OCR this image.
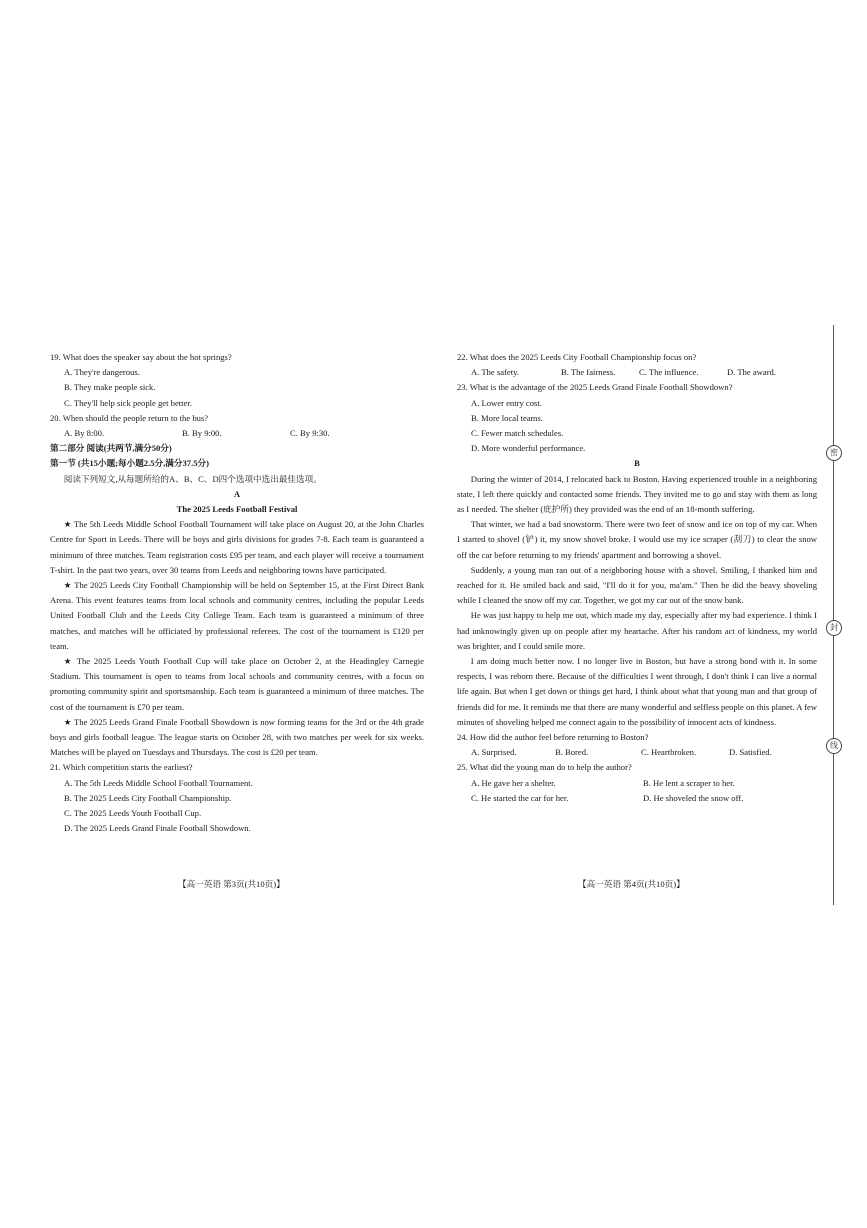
19. What does the speaker say about the hot springs?

A. They're dangerous.

B. They make people sick.

C. They'll help sick people get better.

20. When should the people return to the bus?

A. By 8:00.	B. By 9:00.	C. By 9:30.

第二部分 阅读(共两节,满分50分)

第一节 (共15小题;每小题2.5分,满分37.5分)

阅读下列短文,从每题所给的A、B、C、D四个选项中选出最佳选项。

A

The 2025 Leeds Football Festival

★ The 5th Leeds Middle School Football Tournament will take place on August 20, at the John Charles Centre for Sport in Leeds. There will be boys and girls divisions for grades 7-8. Each team is guaranteed a minimum of three matches. Team registration costs £95 per team, and each player will receive a tournament T-shirt. In the past two years, over 30 teams from Leeds and neighboring towns have participated.

★ The 2025 Leeds City Football Championship will be held on September 15, at the First Direct Bank Arena. This event features teams from local schools and community centres, including the popular Leeds United Football Club and the Leeds City College Team. Each team is guaranteed a minimum of three matches, and matches will be officiated by professional referees. The cost of the tournament is £120 per team.

★ The 2025 Leeds Youth Football Cup will take place on October 2, at the Headingley Carnegie Stadium. This tournament is open to teams from local schools and community centres, with a focus on promoting community spirit and sportsmanship. Each team is guaranteed a minimum of three matches. The cost of the tournament is £70 per team.

★ The 2025 Leeds Grand Finale Football Showdown is now forming teams for the 3rd or the 4th grade boys and girls football league. The league starts on October 28, with two matches per week for six weeks. Matches will be played on Tuesdays and Thursdays. The cost is £20 per team.

21. Which competition starts the earliest?

A. The 5th Leeds Middle School Football Tournament.

B. The 2025 Leeds City Football Championship.

C. The 2025 Leeds Youth Football Cup.

D. The 2025 Leeds Grand Finale Football Showdown.

【高一英语 第3页(共10页)】

22. What does the 2025 Leeds City Football Championship focus on?

A. The safety.	B. The fairness.	C. The influence.	D. The award.

23. What is the advantage of the 2025 Leeds Grand Finale Football Showdown?

A. Lower entry cost.

B. More local teams.

C. Fewer match schedules.

D. More wonderful performance.

B

During the winter of 2014, I relocated back to Boston. Having experienced trouble in a neighboring state, I left there quickly and contacted some friends. They invited me to go and stay with them as long as I needed. The shelter (庇护所) they provided was the end of an 18-month suffering.

That winter, we had a bad snowstorm. There were two feet of snow and ice on top of my car. When I started to shovel (铲) it, my snow shovel broke. I would use my ice scraper (刮刀) to clear the snow off the car before returning to my friends' apartment and borrowing a shovel.

Suddenly, a young man ran out of a neighboring house with a shovel. Smiling, I thanked him and reached for it. He smiled back and said, "I'll do it for you, ma'am." Then he did the heavy shoveling while I cleaned the snow off my car. Together, we got my car out of the snow bank.

He was just happy to help me out, which made my day, especially after my bad experience. I think I had unknowingly given up on people after my heartache. After his random act of kindness, my world was brighter, and I could smile more.

I am doing much better now. I no longer live in Boston, but have a strong bond with it. In some respects, I was reborn there. Because of the difficulties I went through, I don't think I can live a normal life again. But when I get down or things get hard, I think about what that young man and that group of friends did for me. It reminds me that there are many wonderful and selfless people on this planet. A few minutes of shoveling helped me connect again to the possibility of innocent acts of kindness.

24. How did the author feel before returning to Boston?

A. Surprised.	B. Bored.	C. Heartbroken.	D. Satisfied.

25. What did the young man do to help the author?

A. He gave her a shelter.	B. He lent a scraper to her.
C. He started the car for her.	D. He shoveled the snow off.
【高一英语 第4页(共10页)】
密
封
线
